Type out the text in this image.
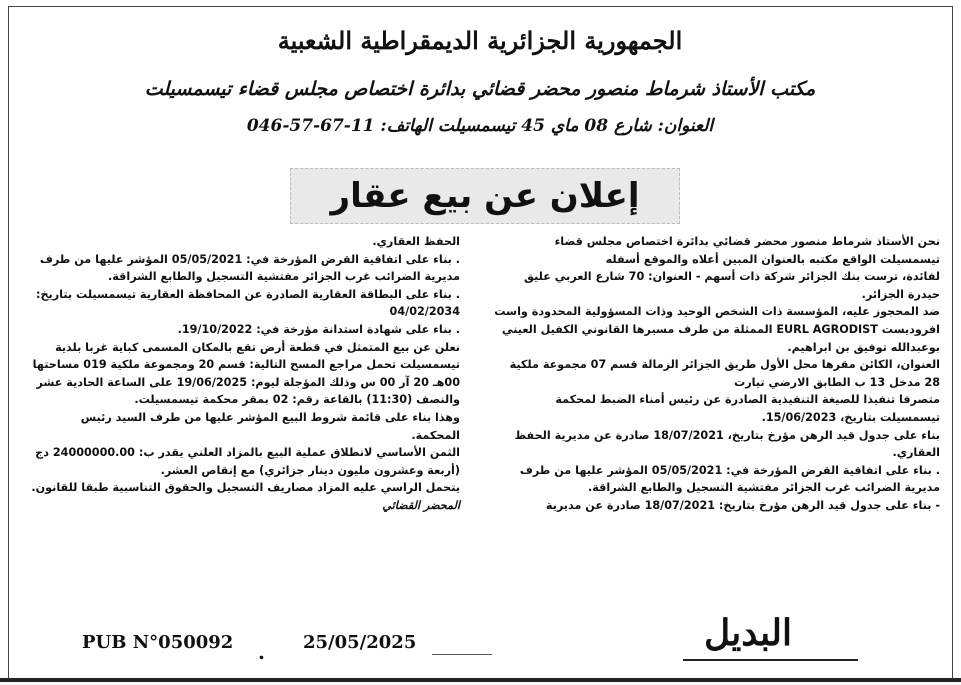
الجمهورية الجزائرية الديمقراطية الشعبية
مكتب الأستاذ شرماط منصور محضر قضائي بدائرة اختصاص مجلس قضاء تيسمسيلت
العنوان: شارع 08 ماي 45 تيسمسيلت الهاتف: 11-67-57-046
إعلان عن بيع عقار

نحن الأستاذ شرماط منصور محضر قضائي بدائرة اختصاص مجلس قضاء تيسمسيلت الواقع مكتبه بالعنوان المبين أعلاه والموقع أسفله

لفائدة، ترست بنك الجزائر شركة ذات أسهم - العنوان: 70 شارع العربي عليق حيدرة الجزائر.

ضد المحجوز عليه، المؤسسة ذات الشخص الوحيد وذات المسؤولية المحدودة واست افروديست EURL AGRODIST الممثلة من طرف مسيرها القانوني الكفيل العيني بوعبدالله توفيق بن ابراهيم.

العنوان، الكائن مقرها محل الأول طريق الجزائر الزمالة قسم 07 مجموعة ملكية 28 مدخل 13 ب الطابق الارضي تيارت

متصرفا تنفيذا للصيغة التنفيذية الصادرة عن رئيس أمناء الضبط لمحكمة تيسمسيلت بتاريخ، 15/06/2023.

بناء على جدول قيد الرهن مؤرخ بتاريخ، 18/07/2021 صادرة عن مديرية الحفظ العقاري.

. بناء على اتفاقية القرض المؤرخة في: 05/05/2021 المؤشر عليها من طرف مديرية الضرائب غرب الجزائر مفتشية التسجيل والطابع الشراقة.

- بناء على جدول قيد الرهن مؤرخ بتاريخ: 18/07/2021 صادرة عن مديرية

الحفظ العقاري.

. بناء على اتفاقية القرض المؤرخة في: 05/05/2021 المؤشر عليها من طرف مديرية الضرائب غرب الجزائر مفتشية التسجيل والطابع الشراقة.

. بناء على البطاقة العقارية الصادرة عن المحافظة العقارية تيسمسيلت بتاريخ: 04/02/2034

. بناء على شهادة استدانة مؤرخة في: 19/10/2022.

نعلن عن بيع المتمثل في قطعة أرض تقع بالمكان المسمى كباية غربا بلدية تيسمسيلت تحمل مراجع المسح التالية: قسم 20 ومجموعة ملكية 019 مساحتها 00هـ 20 آر 00 س وذلك المؤجلة ليوم: 19/06/2025 على الساعة الحادية عشر والنصف (11:30) بالقاعة رقم: 02 بمقر محكمة تيسمسيلت.

وهذا بناء على قائمة شروط البيع المؤشر عليها من طرف السيد رئيس المحكمة.

الثمن الأساسي لانطلاق عملية البيع بالمزاد العلني يقدر ب: 24000000.00 دج (أربعة وعشرون مليون دينار جزائري) مع إنقاص العشر.

يتحمل الراسي عليه المزاد مصاريف التسجيل والحقوق التناسبية طبقا للقانون.

المحضر القضائي

PUB N°050092 . 25/05/2025	البديل
